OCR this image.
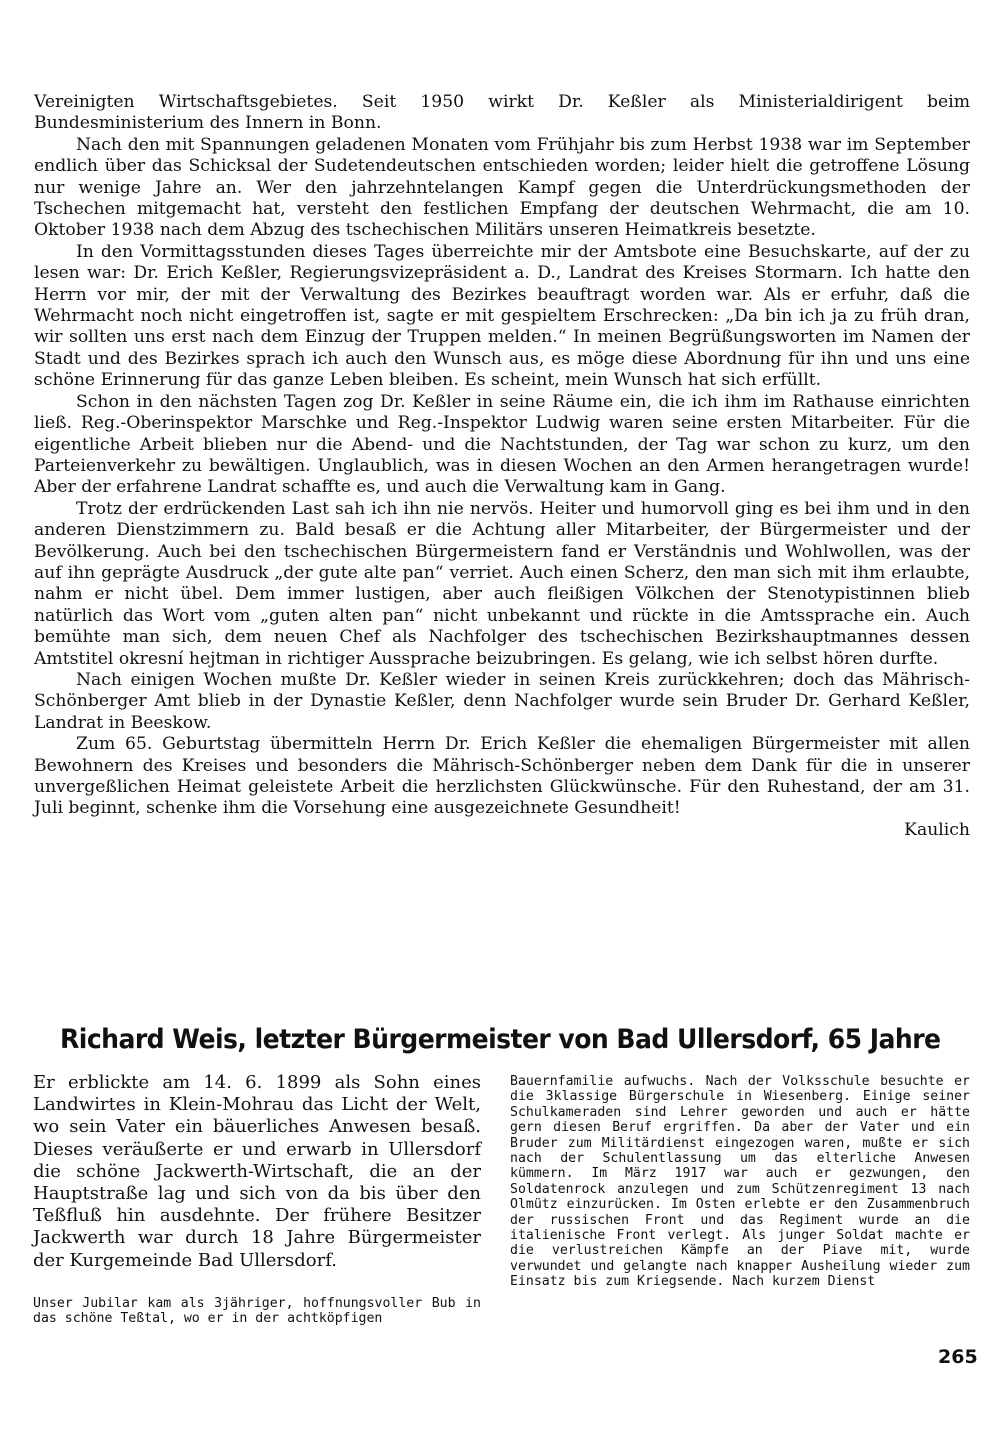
Vereinigten Wirtschaftsgebietes. Seit 1950 wirkt Dr. Keßler als Ministerialdirigent beim Bundesministerium des Innern in Bonn.

Nach den mit Spannungen geladenen Monaten vom Frühjahr bis zum Herbst 1938 war im September endlich über das Schicksal der Sudetendeutschen entschieden worden; leider hielt die getroffene Lösung nur wenige Jahre an. Wer den jahrzehntelangen Kampf gegen die Unterdrückungsmethoden der Tschechen mitgemacht hat, versteht den festlichen Empfang der deutschen Wehrmacht, die am 10. Oktober 1938 nach dem Abzug des tschechischen Militärs unseren Heimatkreis besetzte.

In den Vormittagsstunden dieses Tages überreichte mir der Amtsbote eine Besuchskarte, auf der zu lesen war: Dr. Erich Keßler, Regierungsvizepräsident a. D., Landrat des Kreises Stormarn. Ich hatte den Herrn vor mir, der mit der Verwaltung des Bezirkes beauftragt worden war. Als er erfuhr, daß die Wehrmacht noch nicht eingetroffen ist, sagte er mit gespieltem Erschrecken: „Da bin ich ja zu früh dran, wir sollten uns erst nach dem Einzug der Truppen melden.“ In meinen Begrüßungsworten im Namen der Stadt und des Bezirkes sprach ich auch den Wunsch aus, es möge diese Abordnung für ihn und uns eine schöne Erinnerung für das ganze Leben bleiben. Es scheint, mein Wunsch hat sich erfüllt.

Schon in den nächsten Tagen zog Dr. Keßler in seine Räume ein, die ich ihm im Rathause einrichten ließ. Reg.-Oberinspektor Marschke und Reg.-Inspektor Ludwig waren seine ersten Mitarbeiter. Für die eigentliche Arbeit blieben nur die Abend- und die Nachtstunden, der Tag war schon zu kurz, um den Parteienverkehr zu bewältigen. Unglaublich, was in diesen Wochen an den Armen herangetragen wurde! Aber der erfahrene Landrat schaffte es, und auch die Verwaltung kam in Gang.

Trotz der erdrückenden Last sah ich ihn nie nervös. Heiter und humorvoll ging es bei ihm und in den anderen Dienstzimmern zu. Bald besaß er die Achtung aller Mitarbeiter, der Bürgermeister und der Bevölkerung. Auch bei den tschechischen Bürgermeistern fand er Verständnis und Wohlwollen, was der auf ihn geprägte Ausdruck „der gute alte pan“ verriet. Auch einen Scherz, den man sich mit ihm erlaubte, nahm er nicht übel. Dem immer lustigen, aber auch fleißigen Völkchen der Stenotypistinnen blieb natürlich das Wort vom „guten alten pan“ nicht unbekannt und rückte in die Amtssprache ein. Auch bemühte man sich, dem neuen Chef als Nachfolger des tschechischen Bezirkshauptmannes dessen Amtstitel okresní hejtman in richtiger Aussprache beizubringen. Es gelang, wie ich selbst hören durfte.

Nach einigen Wochen mußte Dr. Keßler wieder in seinen Kreis zurückkehren; doch das Mährisch-Schönberger Amt blieb in der Dynastie Keßler, denn Nachfolger wurde sein Bruder Dr. Gerhard Keßler, Landrat in Beeskow.

Zum 65. Geburtstag übermitteln Herrn Dr. Erich Keßler die ehemaligen Bürgermeister mit allen Bewohnern des Kreises und besonders die Mährisch-Schönberger neben dem Dank für die in unserer unvergeßlichen Heimat geleistete Arbeit die herzlichsten Glückwünsche. Für den Ruhestand, der am 31. Juli beginnt, schenke ihm die Vorsehung eine ausgezeichnete Gesundheit!

Kaulich

Richard Weis, letzter Bürgermeister von Bad Ullersdorf, 65 Jahre
Er erblickte am 14. 6. 1899 als Sohn eines Landwirtes in Klein-Mohrau das Licht der Welt, wo sein Vater ein bäuerliches Anwesen besaß. Dieses veräußerte er und erwarb in Ullersdorf die schöne Jackwerth-Wirtschaft, die an der Hauptstraße lag und sich von da bis über den Teßfluß hin ausdehnte. Der frühere Besitzer Jackwerth war durch 18 Jahre Bürgermeister der Kurgemeinde Bad Ullersdorf.
Unser Jubilar kam als 3jähriger, hoffnungsvoller Bub in das schöne Teßtal, wo er in der achtköpfigen
Bauernfamilie aufwuchs. Nach der Volksschule besuchte er die 3klassige Bürgerschule in Wiesenberg. Einige seiner Schulkameraden sind Lehrer geworden und auch er hätte gern diesen Beruf ergriffen. Da aber der Vater und ein Bruder zum Militärdienst eingezogen waren, mußte er sich nach der Schulentlassung um das elterliche Anwesen kümmern. Im März 1917 war auch er gezwungen, den Soldatenrock anzulegen und zum Schützenregiment 13 nach Olmütz einzurücken. Im Osten erlebte er den Zusammenbruch der russischen Front und das Regiment wurde an die italienische Front verlegt. Als junger Soldat machte er die verlustreichen Kämpfe an der Piave mit, wurde verwundet und gelangte nach knapper Ausheilung wieder zum Einsatz bis zum Kriegsende. Nach kurzem Dienst
265
